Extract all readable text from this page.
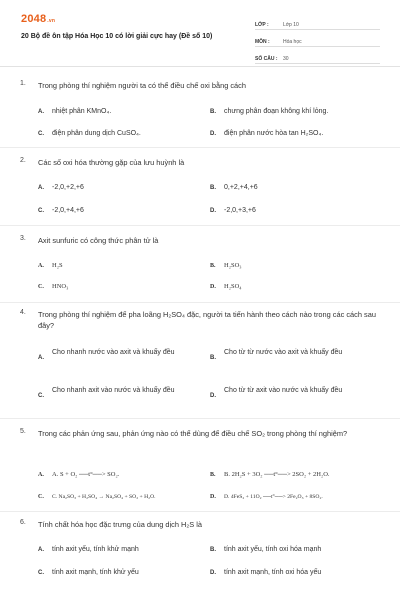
2048.vn
20 Bộ đề ôn tập Hóa Học 10 có lời giải cực hay (Đề số 10)
LỚP :	Lớp 10
MÔN :	Hóa học
SỐ CÂU :	30
1. Trong phòng thí nghiệm người ta có thể điều chế oxi bằng cách
A. nhiệt phân KMnO₄.	B. chưng phân đoạn không khí lỏng.
C. điện phân dung dịch CuSO₄.	D. điện phân nước hòa tan H₂SO₄.
2. Các số oxi hóa thường gặp của lưu huỳnh là
A. -2,0,+2,+6	B. 0,+2,+4,+6
C. -2,0,+4,+6	D. -2,0,+3,+6
3. Axit sunfuric có công thức phân tử là
A. H₂S	B. H₂SO₃
C. HNO₃	D. H₂SO₄
4. Trong phòng thí nghiệm để pha loãng H₂SO₄ đặc, người ta tiến hành theo cách nào trong các cách sau đây?
A.
Cho nhanh nước vào axit và khuấy đều
B.
Cho từ từ nước vào axit và khuấy đều
C.
Cho nhanh axit vào nước và khuấy đều
D.
Cho từ từ axit vào nước và khuấy đều
5. Trong các phản ứng sau, phản ứng nào có thể dùng để điều chế SO₂ trong phòng thí nghiệm?
A. A. S + O₂ ──t°──> SO₂.	B. B. 2H₂S + 3O₂ ──t°──> 2SO₂ + 2H₂O.
C. C. Na₂SO₃ + H₂SO₄ → Na₂SO₄ + SO₂ + H₂O.	D. D. 4FeS₂ + 11O₂ ──t°──> 2Fe₂O₃ + 8SO₂.
6. Tính chất hóa học đặc trưng của dung dịch H₂S là
A. tính axit yếu, tính khử mạnh	B. tính axit yếu, tính oxi hóa mạnh
C. tính axit mạnh, tính khử yếu	D. tính axit mạnh, tính oxi hóa yếu
